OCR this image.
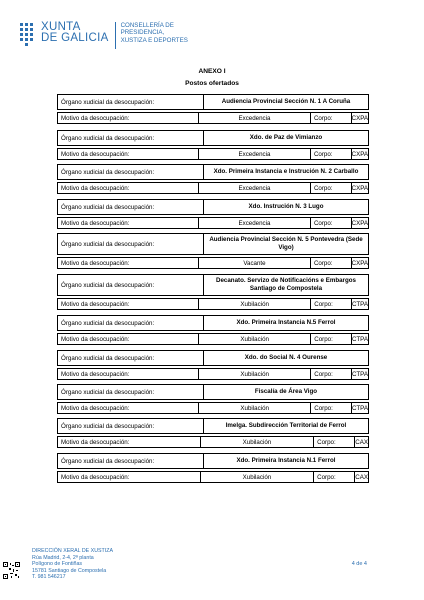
XUNTA
DE GALICIA
CONSELLERÍA DE
PRESIDENCIA,
XUSTIZA E DEPORTES
ANEXO I
Postos ofertados
Órgano xudicial da desocupación:	Audiencia Provincial Sección N. 1 A Coruña
Motivo da desocupación:	Excedencia	Corpo:	CXPA
Órgano xudicial da desocupación:	Xdo. de Paz de Vimianzo
Motivo da desocupación:	Excedencia	Corpo:	CXPA
Órgano xudicial da desocupación:	Xdo. Primeira Instancia e Instrución N. 2 Carballo
Motivo da desocupación:	Excedencia	Corpo:	CXPA
Órgano xudicial da desocupación:	Xdo. Instrución N. 3 Lugo
Motivo da desocupación:	Excedencia	Corpo:	CXPA
Órgano xudicial da desocupación:
Audiencia Provincial Sección N. 5 Pontevedra (Sede Vigo)
Motivo da desocupación:	Vacante	Corpo:	CXPA
Órgano xudicial da desocupación:
Decanato. Servizo de Notificacións e Embargos Santiago de Compostela
Motivo da desocupación:	Xubilación	Corpo:	CTPA
Órgano xudicial da desocupación:	Xdo. Primeira Instancia N.5 Ferrol
Motivo da desocupación:	Xubilación	Corpo:	CTPA
Órgano xudicial da desocupación:	Xdo. do Social N. 4 Ourense
Motivo da desocupación:	Xubilación	Corpo:	CTPA
Órgano xudicial da desocupación:	Fiscalía de Área Vigo
Motivo da desocupación:	Xubilación	Corpo:	CTPA
Órgano xudicial da desocupación:	Imelga. Subdirección Territorial de Ferrol
Motivo da desocupación:	Xubilación	Corpo:	CAX
Órgano xudicial da desocupación:	Xdo. Primeira Instancia N.1 Ferrol
Motivo da desocupación:	Xubilación	Corpo:	CAX
DIRECCIÓN XERAL DE XUSTIZA
Rúa Madrid, 2-4, 2ª planta
Polígono de Fontiñas
15781 Santiago de Compostela
T. 981 546217
4 de 4
